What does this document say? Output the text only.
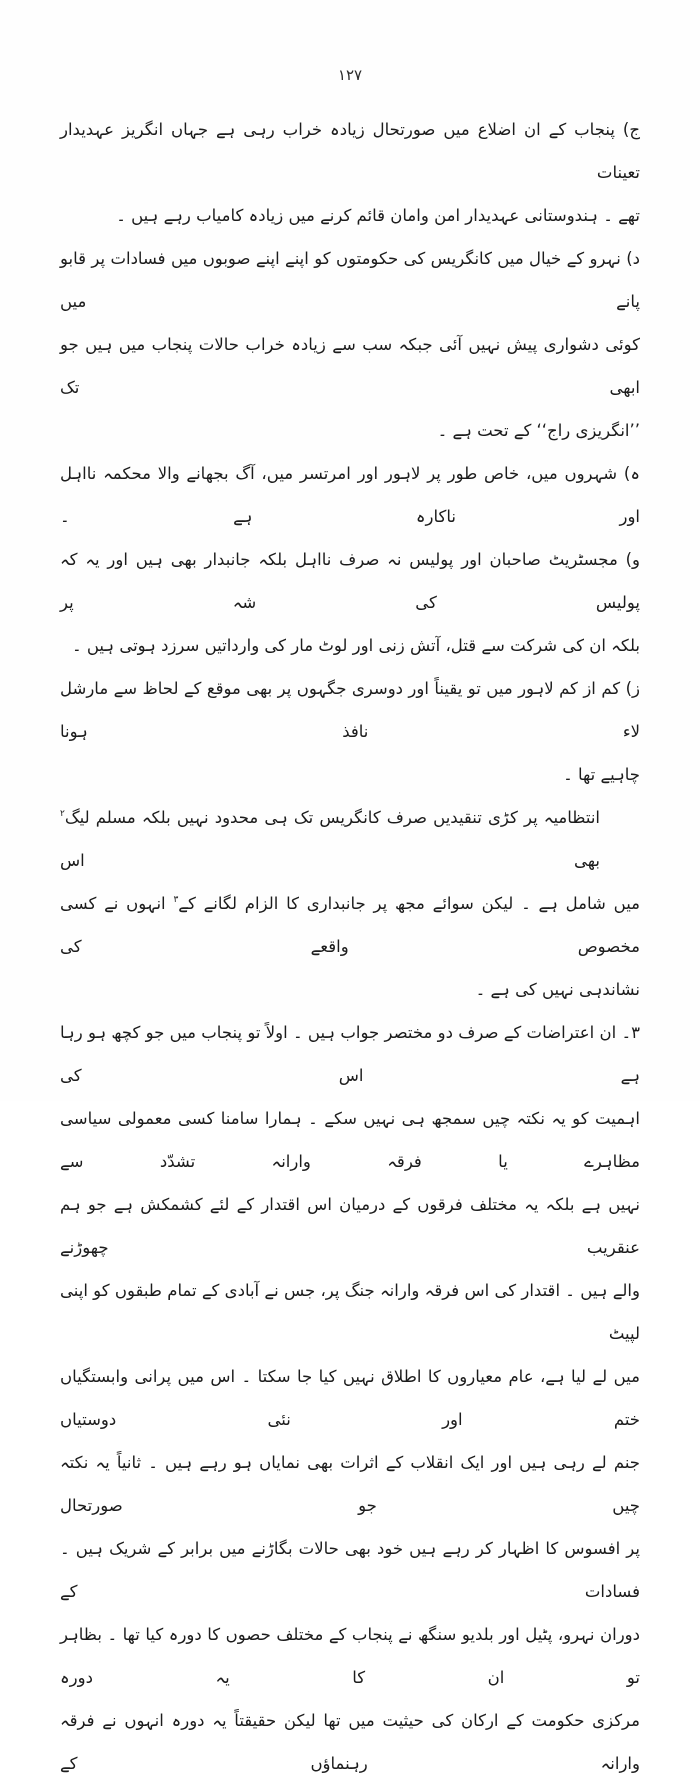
۱۲۷
ج) پنجاب کے ان اضلاع میں صورتحال زیادہ خراب رہی ہے جہاں انگریز عہدیدار تعینات
تھے ۔ ہندوستانی عہدیدار امن وامان قائم کرنے میں زیادہ کامیاب رہے ہیں ۔
د) نہرو کے خیال میں کانگریس کی حکومتوں کو اپنے اپنے صوبوں میں فسادات پر قابو پانے میں
کوئی دشواری پیش نہیں آئی جبکہ سب سے زیادہ خراب حالات پنجاب میں ہیں جو ابھی تک
’’انگریزی راج‘‘ کے تحت ہے ۔
ہ) شہروں میں، خاص طور پر لاہور اور امرتسر میں، آگ بجھانے والا محکمہ نااہل اور ناکارہ ہے ۔
و) مجسٹریٹ صاحبان اور پولیس نہ صرف نااہل بلکہ جانبدار بھی ہیں اور یہ کہ پولیس کی شہ پر
بلکہ ان کی شرکت سے قتل، آتش زنی اور لوٹ مار کی وارداتیں سرزد ہوتی ہیں ۔
ز) کم از کم لاہور میں تو یقیناً اور دوسری جگہوں پر بھی موقع کے لحاظ سے مارشل لاء نافذ ہونا
چاہیے تھا ۔
انتظامیہ پر کڑی تنقیدیں صرف کانگریس تک ہی محدود نہیں بلکہ مسلم لیگ$^۲$ بھی اس
میں شامل ہے ۔ لیکن سوائے مجھ پر جانبداری کا الزام لگانے کے$^۳$ انہوں نے کسی مخصوص واقعے کی
نشاندہی نہیں کی ہے ۔
۳۔ ان اعتراضات کے صرف دو مختصر جواب ہیں ۔ اولاً تو پنجاب میں جو کچھ ہو رہا ہے اس کی
اہمیت کو یہ نکتہ چیں سمجھ ہی نہیں سکے ۔ ہمارا سامنا کسی معمولی سیاسی مظاہرے یا فرقہ وارانہ تشدّد سے
نہیں ہے بلکہ یہ مختلف فرقوں کے درمیان اس اقتدار کے لئے کشمکش ہے جو ہم عنقریب چھوڑنے
والے ہیں ۔ اقتدار کی اس فرقہ وارانہ جنگ پر، جس نے آبادی کے تمام طبقوں کو اپنی لپیٹ
میں لے لیا ہے، عام معیاروں کا اطلاق نہیں کیا جا سکتا ۔ اس میں پرانی وابستگیاں ختم اور نئی دوستیاں
جنم لے رہی ہیں اور ایک انقلاب کے اثرات بھی نمایاں ہو رہے ہیں ۔ ثانیاً یہ نکتہ چیں جو صورتحال
پر افسوس کا اظہار کر رہے ہیں خود بھی حالات بگاڑنے میں برابر کے شریک ہیں ۔ فسادات کے
دوران نہرو، پٹیل اور بلدیو سنگھ نے پنجاب کے مختلف حصوں کا دورہ کیا تھا ۔ بظاہر تو ان کا یہ دورہ
مرکزی حکومت کے ارکان کی حیثیت میں تھا لیکن حقیقتاً یہ دورہ انہوں نے فرقہ وارانہ رہنماؤں کے
